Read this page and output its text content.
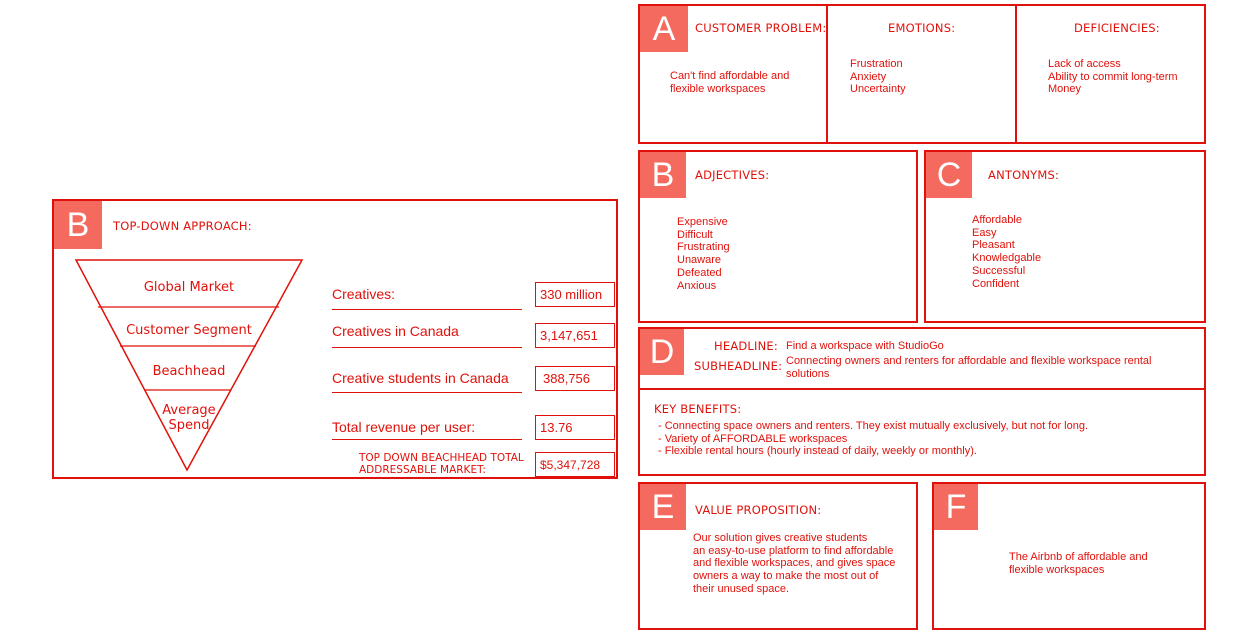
B TOP-DOWN APPROACH:
Global Market
Customer Segment
Beachhead
Average Spend
Creatives:	330 million
Creatives in Canada	3,147,651
Creative students in Canada	388,756
Total revenue per user:	13.76
TOP DOWN BEACHHEAD TOTAL
ADDRESSABLE MARKET:	$5,347,728
A CUSTOMER PROBLEM:
Can't find affordable and
flexible workspaces
EMOTIONS:
Frustration
Anxiety
Uncertainty
DEFICIENCIES:
Lack of access
Ability to commit long-term
Money
B ADJECTIVES:
Expensive
Difficult
Frustrating
Unaware
Defeated
Anxious
C ANTONYMS:
Affordable
Easy
Pleasant
Knowledgable
Successful
Confident
D	HEADLINE: Find a workspace with StudioGo
SUBHEADLINE: Connecting owners and renters for affordable and flexible workspace rental
solutions
KEY BENEFITS:
- Connecting space owners and renters. They exist mutually exclusively, but not for long.
- Variety of AFFORDABLE workspaces
- Flexible rental hours (hourly instead of daily, weekly or monthly).
E VALUE PROPOSITION:
Our solution gives creative students
an easy-to-use platform to find affordable
and flexible workspaces, and gives space
owners a way to make the most out of
their unused space.
F
The Airbnb of affordable and
flexible workspaces
